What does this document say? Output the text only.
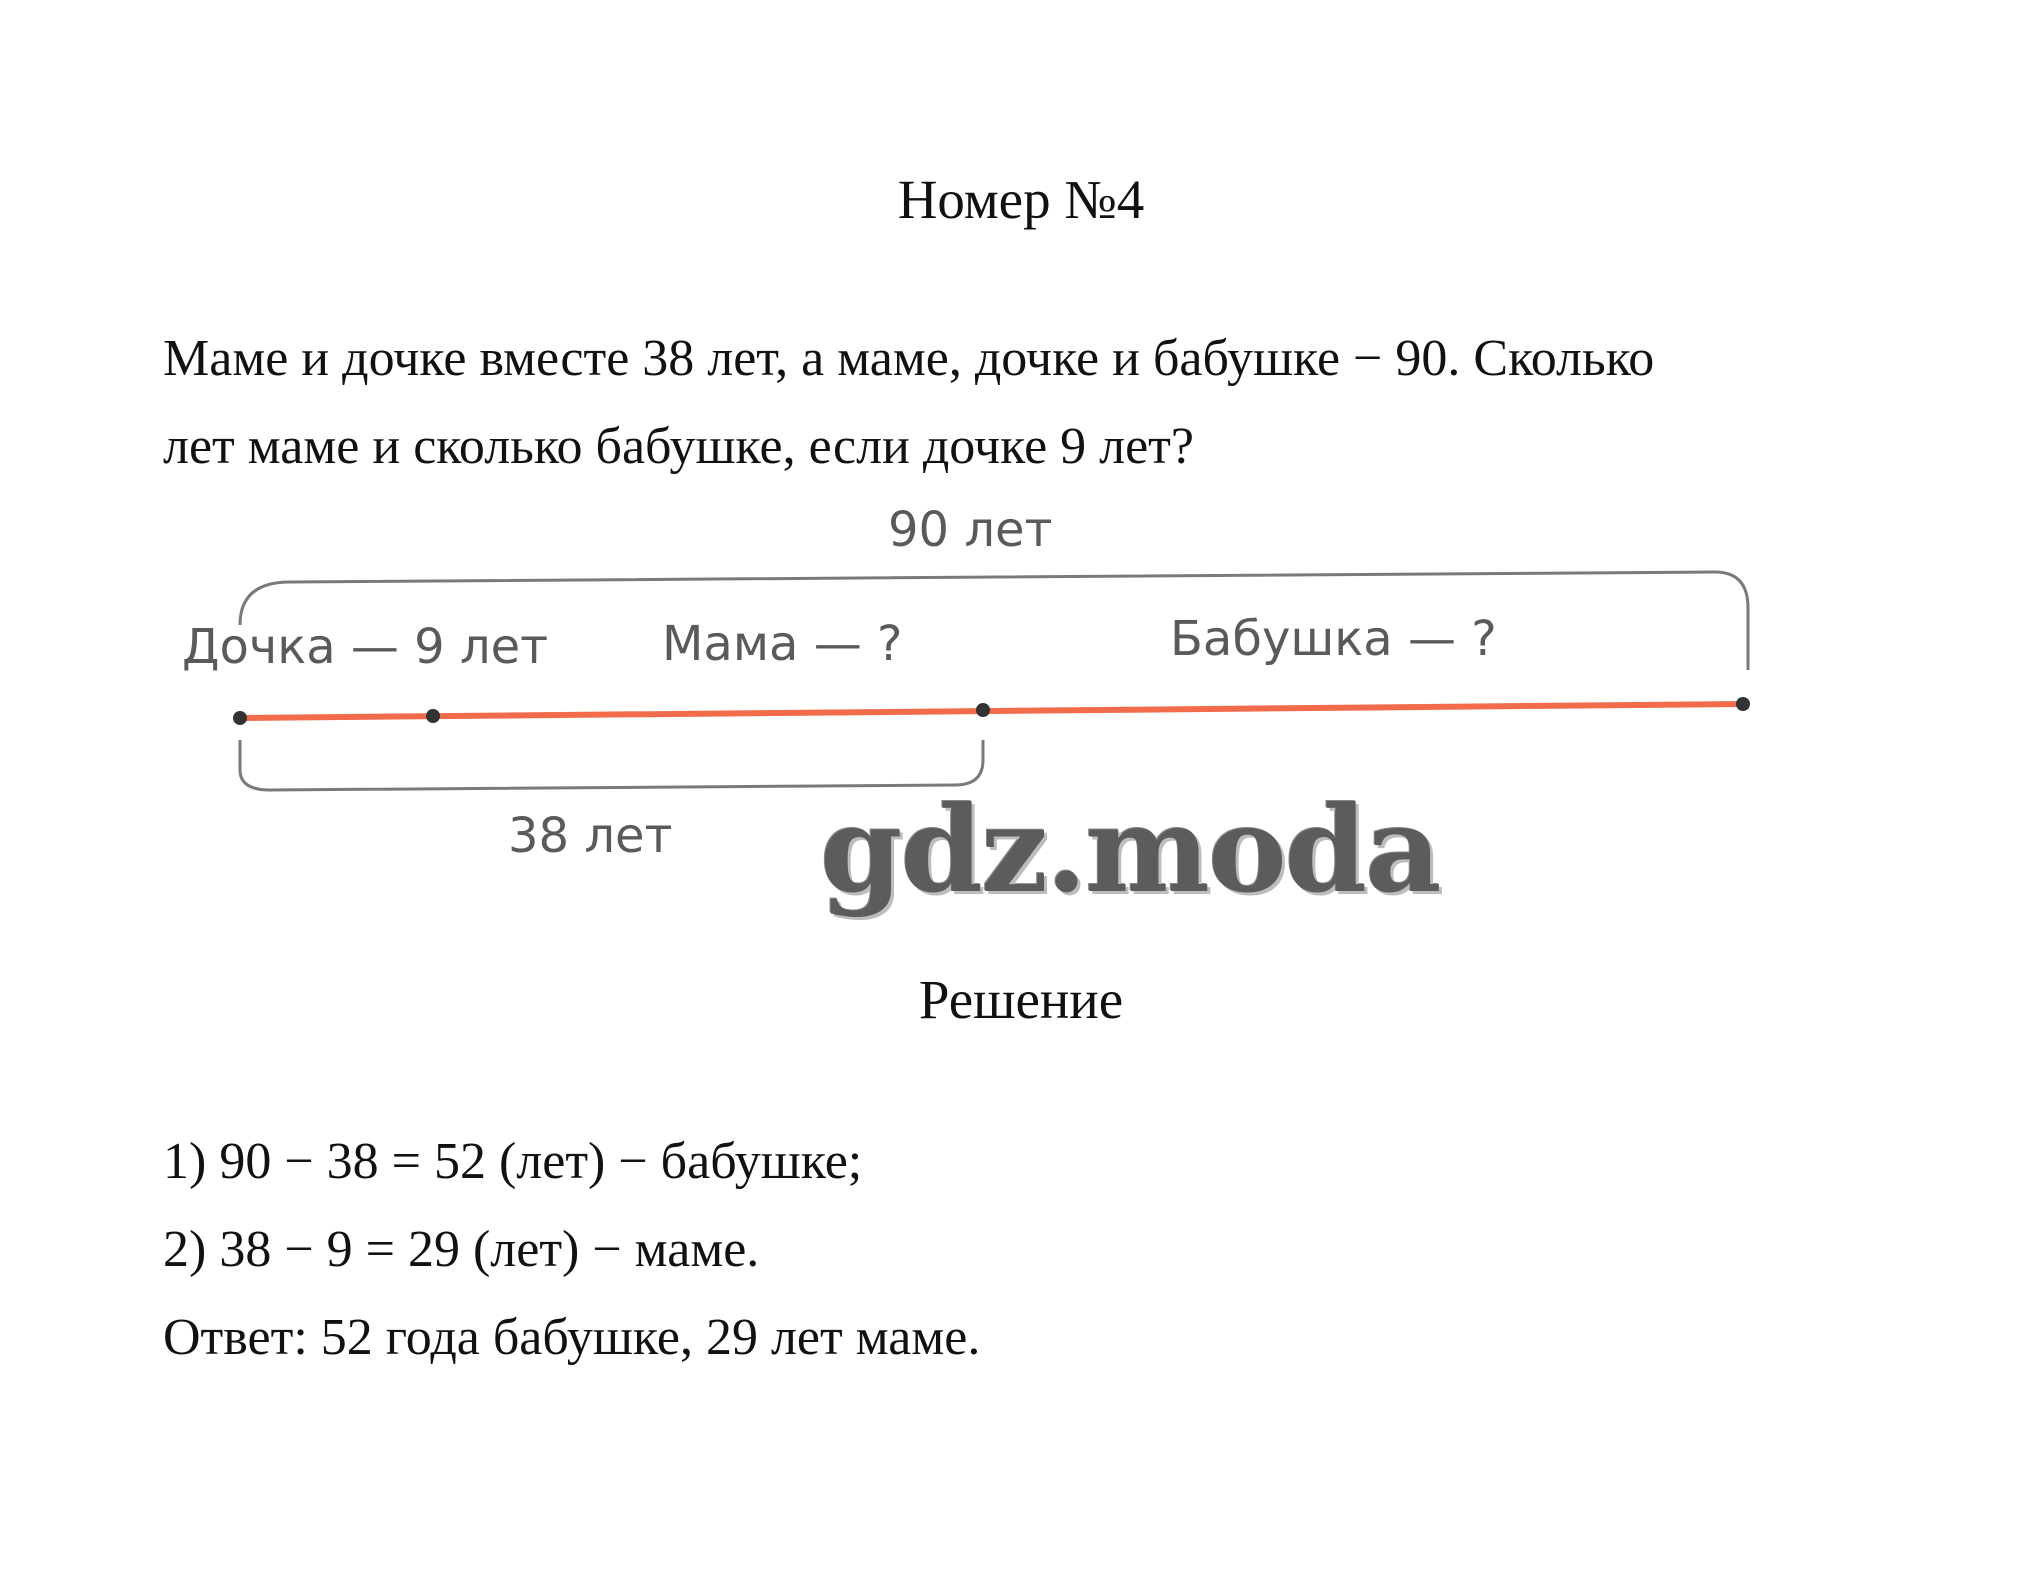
Номер №4
Маме и дочке вместе 38 лет, а маме, дочке и бабушке − 90. Сколько
лет маме и сколько бабушке, если дочке 9 лет?
90 лет
Дочка — 9 лет Мама — ?	Бабушка — ?
38 лет gdz.moda
Решение
1) 90 − 38 = 52 (лет) − бабушке;
2) 38 − 9 = 29 (лет) − маме.
Ответ: 52 года бабушке, 29 лет маме.
